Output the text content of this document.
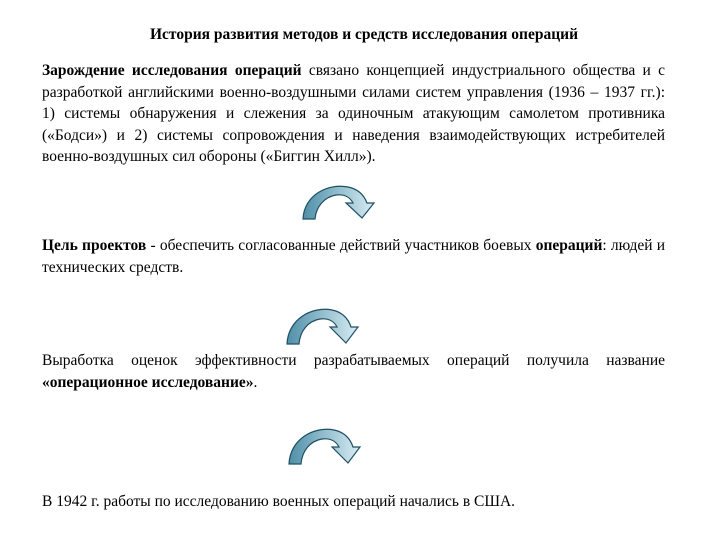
История развития методов и средств исследования операций
Зарождение исследования операций связано концепцией индустриального общества и с разработкой английскими военно-воздушными силами систем управления (1936 – 1937 гг.): 1) системы обнаружения и слежения за одиночным атакующим самолетом противника («Бодси») и 2) системы сопровождения и наведения взаимодействующих истребителей военно-воздушных сил обороны («Биггин Хилл»).
Цель проектов - обеспечить согласованные действий участников боевых операций: людей и технических средств.
Выработка оценок эффективности разрабатываемых операций получила название «операционное исследование».
В 1942 г. работы по исследованию военных операций начались в США.
